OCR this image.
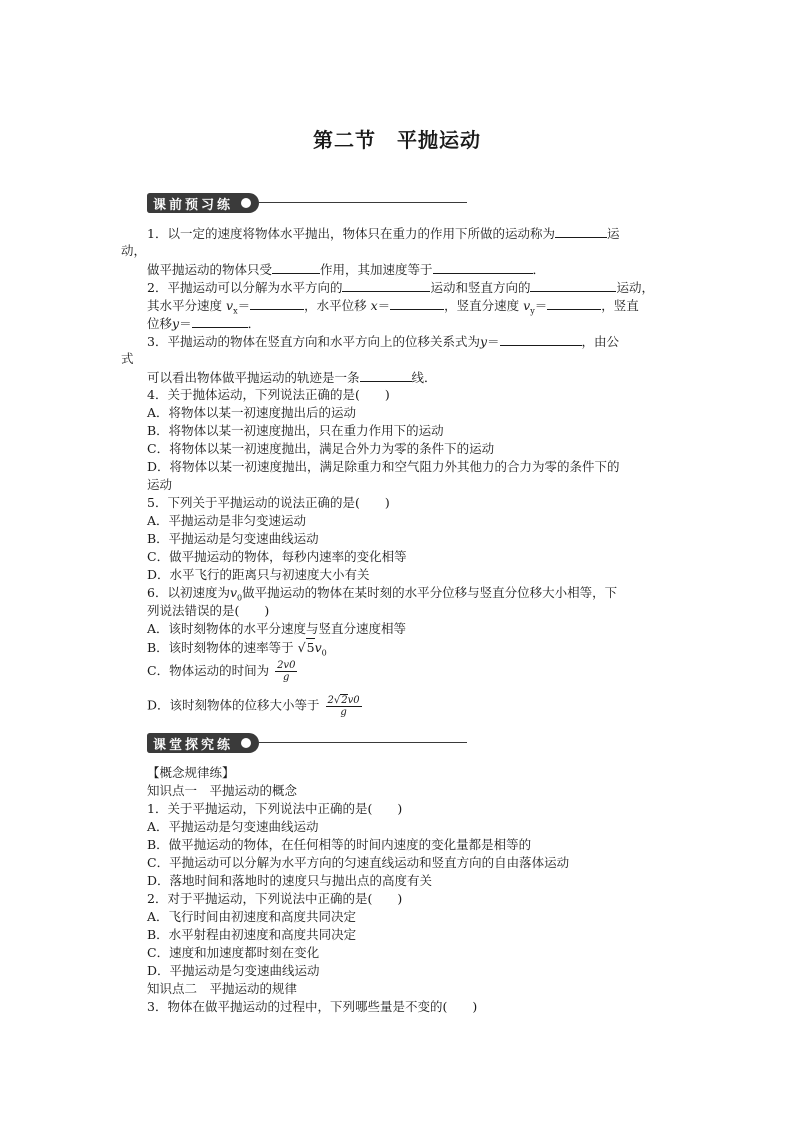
第二节　平抛运动
课前预习练
1．以一定的速度将物体水平抛出，物体只在重力的作用下所做的运动称为	运
动，
做平抛运动的物体只受	作用，其加速度等于	．
2．平抛运动可以分解为水平方向的	运动和竖直方向的	运动，
其水平分速度 $v_x=$	，水平位移 x＝	，竖直分速度 $v_y=$	，竖直
位移y＝	．
3．平抛运动的物体在竖直方向和水平方向上的位移关系式为y＝	，由公
式
可以看出物体做平抛运动的轨迹是一条	线．
4．关于抛体运动，下列说法正确的是(　　)
A．将物体以某一初速度抛出后的运动
B．将物体以某一初速度抛出，只在重力作用下的运动
C．将物体以某一初速度抛出，满足合外力为零的条件下的运动
D．将物体以某一初速度抛出，满足除重力和空气阻力外其他力的合力为零的条件下的
运动
5．下列关于平抛运动的说法正确的是(　　)
A．平抛运动是非匀变速运动
B．平抛运动是匀变速曲线运动
C．做平抛运动的物体，每秒内速率的变化相等
D．水平飞行的距离只与初速度大小有关
6．以初速度为$v_0$做平抛运动的物体在某时刻的水平分位移与竖直分位移大小相等，下
列说法错误的是(　　)
A．该时刻物体的水平分速度与竖直分速度相等
B．该时刻物体的速率等于 $√5v_0$
C．物体运动的时间为 $\frac{2v0}{g}$
D．该时刻物体的位移大小等于 $\frac{2√2v0}{g}$
课堂探究练
【概念规律练】
知识点一　平抛运动的概念
1．关于平抛运动，下列说法中正确的是(　　)
A．平抛运动是匀变速曲线运动
B．做平抛运动的物体，在任何相等的时间内速度的变化量都是相等的
C．平抛运动可以分解为水平方向的匀速直线运动和竖直方向的自由落体运动
D．落地时间和落地时的速度只与抛出点的高度有关
2．对于平抛运动，下列说法中正确的是(　　)
A．飞行时间由初速度和高度共同决定
B．水平射程由初速度和高度共同决定
C．速度和加速度都时刻在变化
D．平抛运动是匀变速曲线运动
知识点二　平抛运动的规律
3．物体在做平抛运动的过程中，下列哪些量是不变的(　　)
